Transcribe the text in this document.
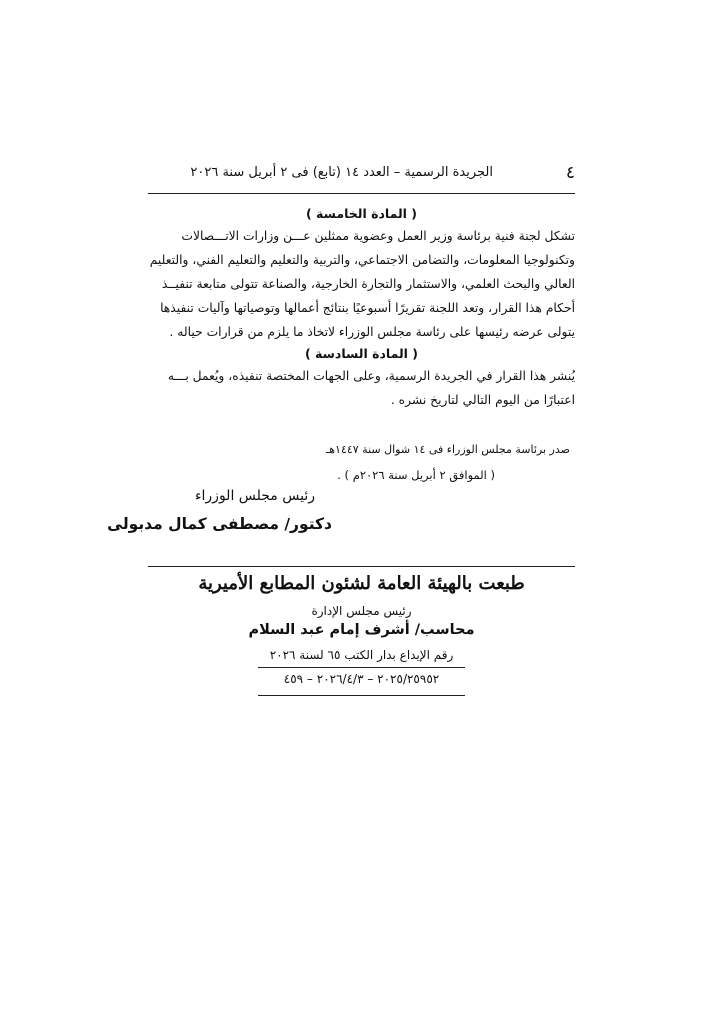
٤
الجريدة الرسمية – العدد ١٤ (تابع) فى ٢ أبريل سنة ٢٠٢٦
( المادة الخامسة )
تشكل لجنة فنية برئاسة وزير العمل وعضوية ممثلين عـــن وزارات الاتـــصالات
وتكنولوجيا المعلومات، والتضامن الاجتماعي، والتربية والتعليم والتعليم الفني، والتعليم
العالي والبحث العلمي، والاستثمار والتجارة الخارجية، والصناعة تتولى متابعة تنفيــذ
أحكام هذا القرار، وتعد اللجنة تقريرًا أسبوعيًا بنتائج أعمالها وتوصياتها وآليات تنفيذها
يتولى عرضه رئيسها على رئاسة مجلس الوزراء لاتخاذ ما يلزم من قرارات حياله .
( المادة السادسة )
يُنشر هذا القرار في الجريدة الرسمية، وعلى الجهات المختصة تنفيذه، ويُعمل بـــه
اعتبارًا من اليوم التالي لتاريخ نشره .
صدر برئاسة مجلس الوزراء فى ١٤ شوال سنة ١٤٤٧هـ
( الموافق ٢ أبريل سنة ٢٠٢٦م ) .
رئيس مجلس الوزراء
دكتور/ مصطفى كمال مدبولى
طبعت بالهيئة العامة لشئون المطابع الأميرية
رئيس مجلس الإدارة
محاسب/ أشرف إمام عبد السلام
رقم الإيداع بدار الكتب ٦٥ لسنة ٢٠٢٦
٢٠٢٥/٢٥٩٥٢ – ٢٠٢٦/٤/٣ – ٤٥٩
